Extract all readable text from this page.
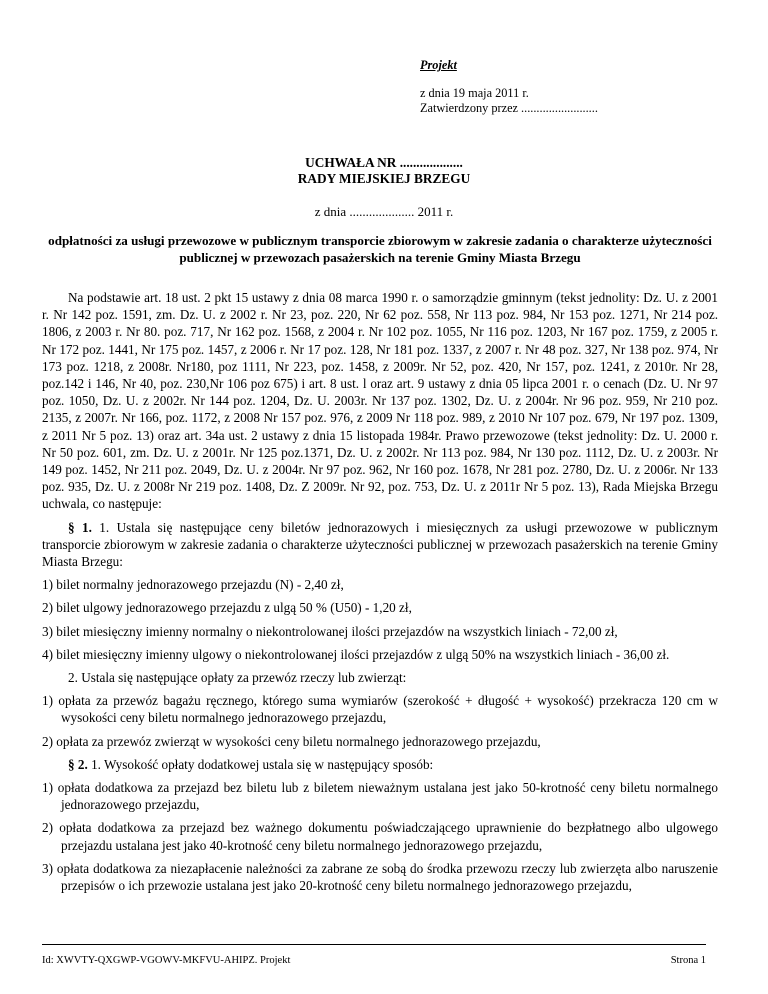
Projekt
z dnia 19 maja 2011 r.
Zatwierdzony przez .........................
UCHWAŁA NR ...................
RADY MIEJSKIEJ BRZEGU
z dnia .................... 2011 r.
odpłatności za usługi przewozowe w publicznym transporcie zbiorowym w zakresie zadania o charakterze użyteczności publicznej w przewozach pasażerskich na terenie Gminy Miasta Brzegu

Na podstawie art. 18 ust. 2 pkt 15 ustawy z dnia 08 marca 1990 r. o samorządzie gminnym (tekst jednolity: Dz. U. z 2001 r. Nr 142 poz. 1591, zm. Dz. U. z 2002 r. Nr 23, poz. 220, Nr 62 poz. 558, Nr 113 poz. 984, Nr 153 poz. 1271, Nr 214 poz. 1806, z 2003 r. Nr 80. poz. 717, Nr 162 poz. 1568, z 2004 r. Nr 102 poz. 1055, Nr 116 poz. 1203, Nr 167 poz. 1759, z 2005 r. Nr 172 poz. 1441, Nr 175 poz. 1457, z 2006 r. Nr 17 poz. 128, Nr 181 poz. 1337, z 2007 r. Nr 48 poz. 327, Nr 138 poz. 974, Nr 173 poz. 1218, z 2008r. Nr180, poz 1111, Nr 223, poz. 1458, z 2009r. Nr 52, poz. 420, Nr 157, poz. 1241, z 2010r. Nr 28, poz.142 i 146, Nr 40, poz. 230,Nr 106 poz 675) i art. 8 ust. l oraz art. 9 ustawy z dnia 05 lipca 2001 r. o cenach (Dz. U. Nr 97 poz. 1050, Dz. U. z 2002r. Nr 144 poz. 1204, Dz. U. 2003r. Nr 137 poz. 1302, Dz. U. z 2004r. Nr 96 poz. 959, Nr 210 poz. 2135, z 2007r. Nr 166, poz. 1172, z 2008 Nr 157 poz. 976, z 2009 Nr 118 poz. 989, z 2010 Nr 107 poz. 679, Nr 197 poz. 1309, z 2011 Nr 5 poz. 13) oraz art. 34a ust. 2 ustawy z dnia 15 listopada 1984r. Prawo przewozowe (tekst jednolity: Dz. U. 2000 r. Nr 50 poz. 601, zm. Dz. U. z 2001r. Nr 125 poz.1371, Dz. U. z 2002r. Nr 113 poz. 984, Nr 130 poz. 1112, Dz. U. z 2003r. Nr 149 poz. 1452, Nr 211 poz. 2049, Dz. U. z 2004r. Nr 97 poz. 962, Nr 160 poz. 1678, Nr 281 poz. 2780, Dz. U. z 2006r. Nr 133 poz. 935, Dz. U. z 2008r Nr 219 poz. 1408, Dz. Z 2009r. Nr 92, poz. 753, Dz. U. z 2011r Nr 5 poz. 13), Rada Miejska Brzegu uchwala, co następuje:

§ 1. 1. Ustala się następujące ceny biletów jednorazowych i miesięcznych za usługi przewozowe w publicznym transporcie zbiorowym w zakresie zadania o charakterze użyteczności publicznej w przewozach pasażerskich na terenie Gminy Miasta Brzegu:

1) bilet normalny jednorazowego przejazdu (N) - 2,40 zł,

2) bilet ulgowy jednorazowego przejazdu z ulgą 50 % (U50) - 1,20 zł,

3) bilet miesięczny imienny normalny o niekontrolowanej ilości przejazdów na wszystkich liniach - 72,00 zł,

4) bilet miesięczny imienny ulgowy o niekontrolowanej ilości przejazdów z ulgą 50% na wszystkich liniach - 36,00 zł.

2. Ustala się następujące opłaty za przewóz rzeczy lub zwierząt:

1) opłata za przewóz bagażu ręcznego, którego suma wymiarów (szerokość + długość + wysokość) przekracza 120 cm w wysokości ceny biletu normalnego jednorazowego przejazdu,

2) opłata za przewóz zwierząt w wysokości ceny biletu normalnego jednorazowego przejazdu,

§ 2. 1. Wysokość opłaty dodatkowej ustala się w następujący sposób:

1) opłata dodatkowa za przejazd bez biletu lub z biletem nieważnym ustalana jest jako 50-krotność ceny biletu normalnego jednorazowego przejazdu,

2) opłata dodatkowa za przejazd bez ważnego dokumentu poświadczającego uprawnienie do bezpłatnego albo ulgowego przejazdu ustalana jest jako 40-krotność ceny biletu normalnego jednorazowego przejazdu,

3) opłata dodatkowa za niezapłacenie należności za zabrane ze sobą do środka przewozu rzeczy lub zwierzęta albo naruszenie przepisów o ich przewozie ustalana jest jako 20-krotność ceny biletu normalnego jednorazowego przejazdu,

Id: XWVTY-QXGWP-VGOWV-MKFVU-AHIPZ. Projekt	Strona 1
